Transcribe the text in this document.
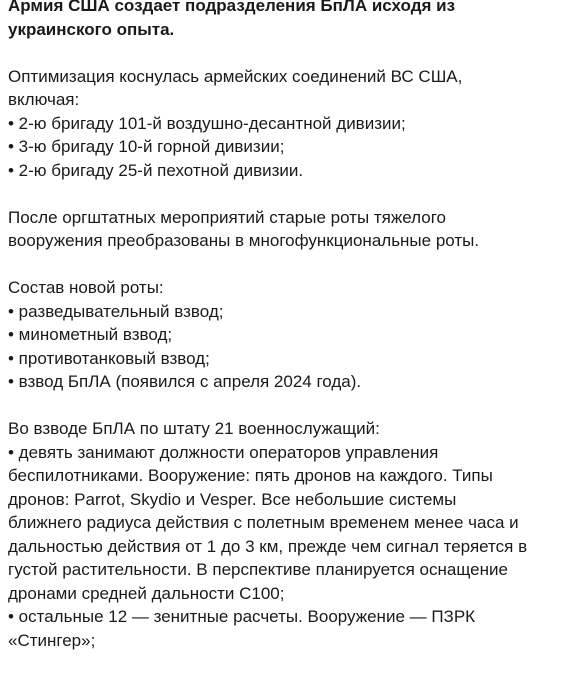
Армия США создает подразделения БпЛА исходя из
украинского опыта.

Оптимизация коснулась армейских соединений ВС США,
включая:
• 2-ю бригаду 101-й воздушно-десантной дивизии;
• 3-ю бригаду 10-й горной дивизии;
• 2-ю бригаду 25-й пехотной дивизии.

После оргштатных мероприятий старые роты тяжелого
вооружения преобразованы в многофункциональные роты.

Состав новой роты:
• разведывательный взвод;
• минометный взвод;
• противотанковый взвод;
• взвод БпЛА (появился с апреля 2024 года).

Во взводе БпЛА по штату 21 военнослужащий:
• девять занимают должности операторов управления
беспилотниками. Вооружение: пять дронов на каждого. Типы
дронов: Parrot, Skydio и Vesper. Все небольшие системы
ближнего радиуса действия с полетным временем менее часа и
дальностью действия от 1 до 3 км, прежде чем сигнал теряется в
густой растительности. В перспективе планируется оснащение
дронами средней дальности С100;
• остальные 12 — зенитные расчеты. Вооружение — ПЗРК
«Стингер»;
